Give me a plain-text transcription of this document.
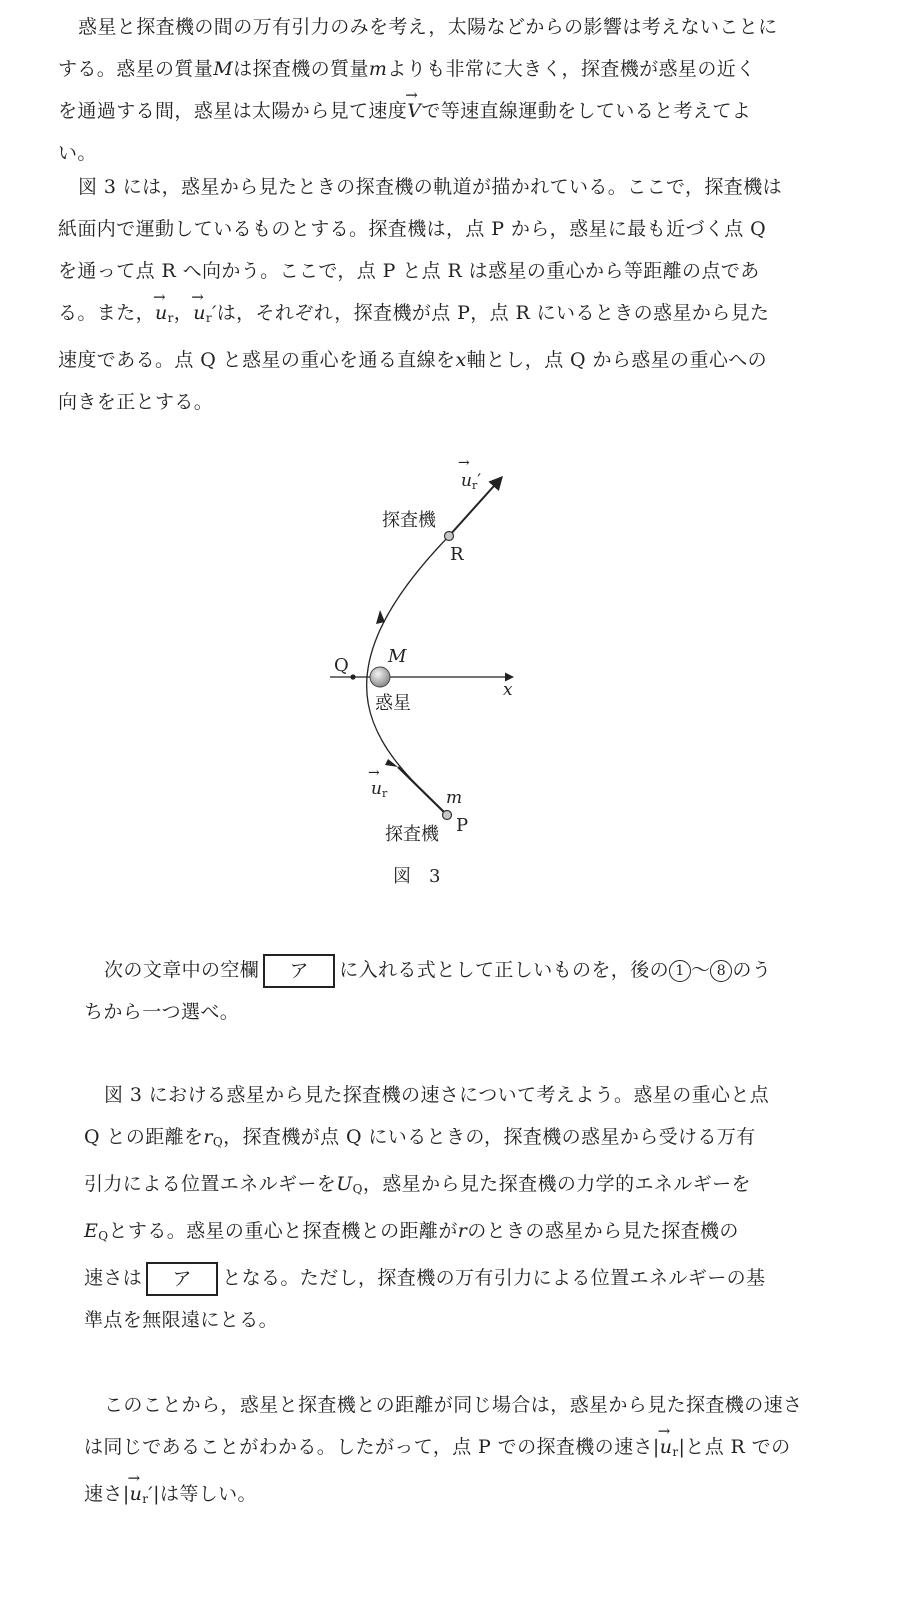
惑星と探査機の間の万有引力のみを考え，太陽などからの影響は考えないことに
する。惑星の質量Mは探査機の質量mよりも非常に大きく，探査機が惑星の近く
を通過する間，惑星は太陽から見て速度→ Vで等速直線運動をしていると考えてよ
い。
図 3 には，惑星から見たときの探査機の軌道が描かれている。ここで，探査機は
紙面内で運動しているものとする。探査機は，点 P から，惑星に最も近づく点 Q
を通って点 R へ向かう。ここで，点 P と点 R は惑星の重心から等距離の点であ
る。また，→ $u_r$，→ $u_r'$は，それぞれ，探査機が点 P，点 R にいるときの惑星から見た
速度である。点 Q と惑星の重心を通る直線をx軸とし，点 Q から惑星の重心への
向きを正とする。
→
ur′
探査機
R
Q M
x
惑星
→
ur	m
P
探査機
図　3
次の文章中の空欄 ア に入れる式として正しいものを，後の 1 ～ 8 のう
ちから一つ選べ。
図 3 における惑星から見た探査機の速さについて考えよう。惑星の重心と点
Q との距離を$r_Q$，探査機が点 Q にいるときの，探査機の惑星から受ける万有
引力による位置エネルギーを$U_Q$，惑星から見た探査機の力学的エネルギーを
$E_Q$とする。惑星の重心と探査機との距離がrのときの惑星から見た探査機の
速さは ア となる。ただし，探査機の万有引力による位置エネルギーの基
準点を無限遠にとる。
このことから，惑星と探査機との距離が同じ場合は，惑星から見た探査機の速さ
は同じであることがわかる。したがって，点 P での探査機の速さ|→ $u_r|$と点 R での
速さ|→ $u_r'|$は等しい。
